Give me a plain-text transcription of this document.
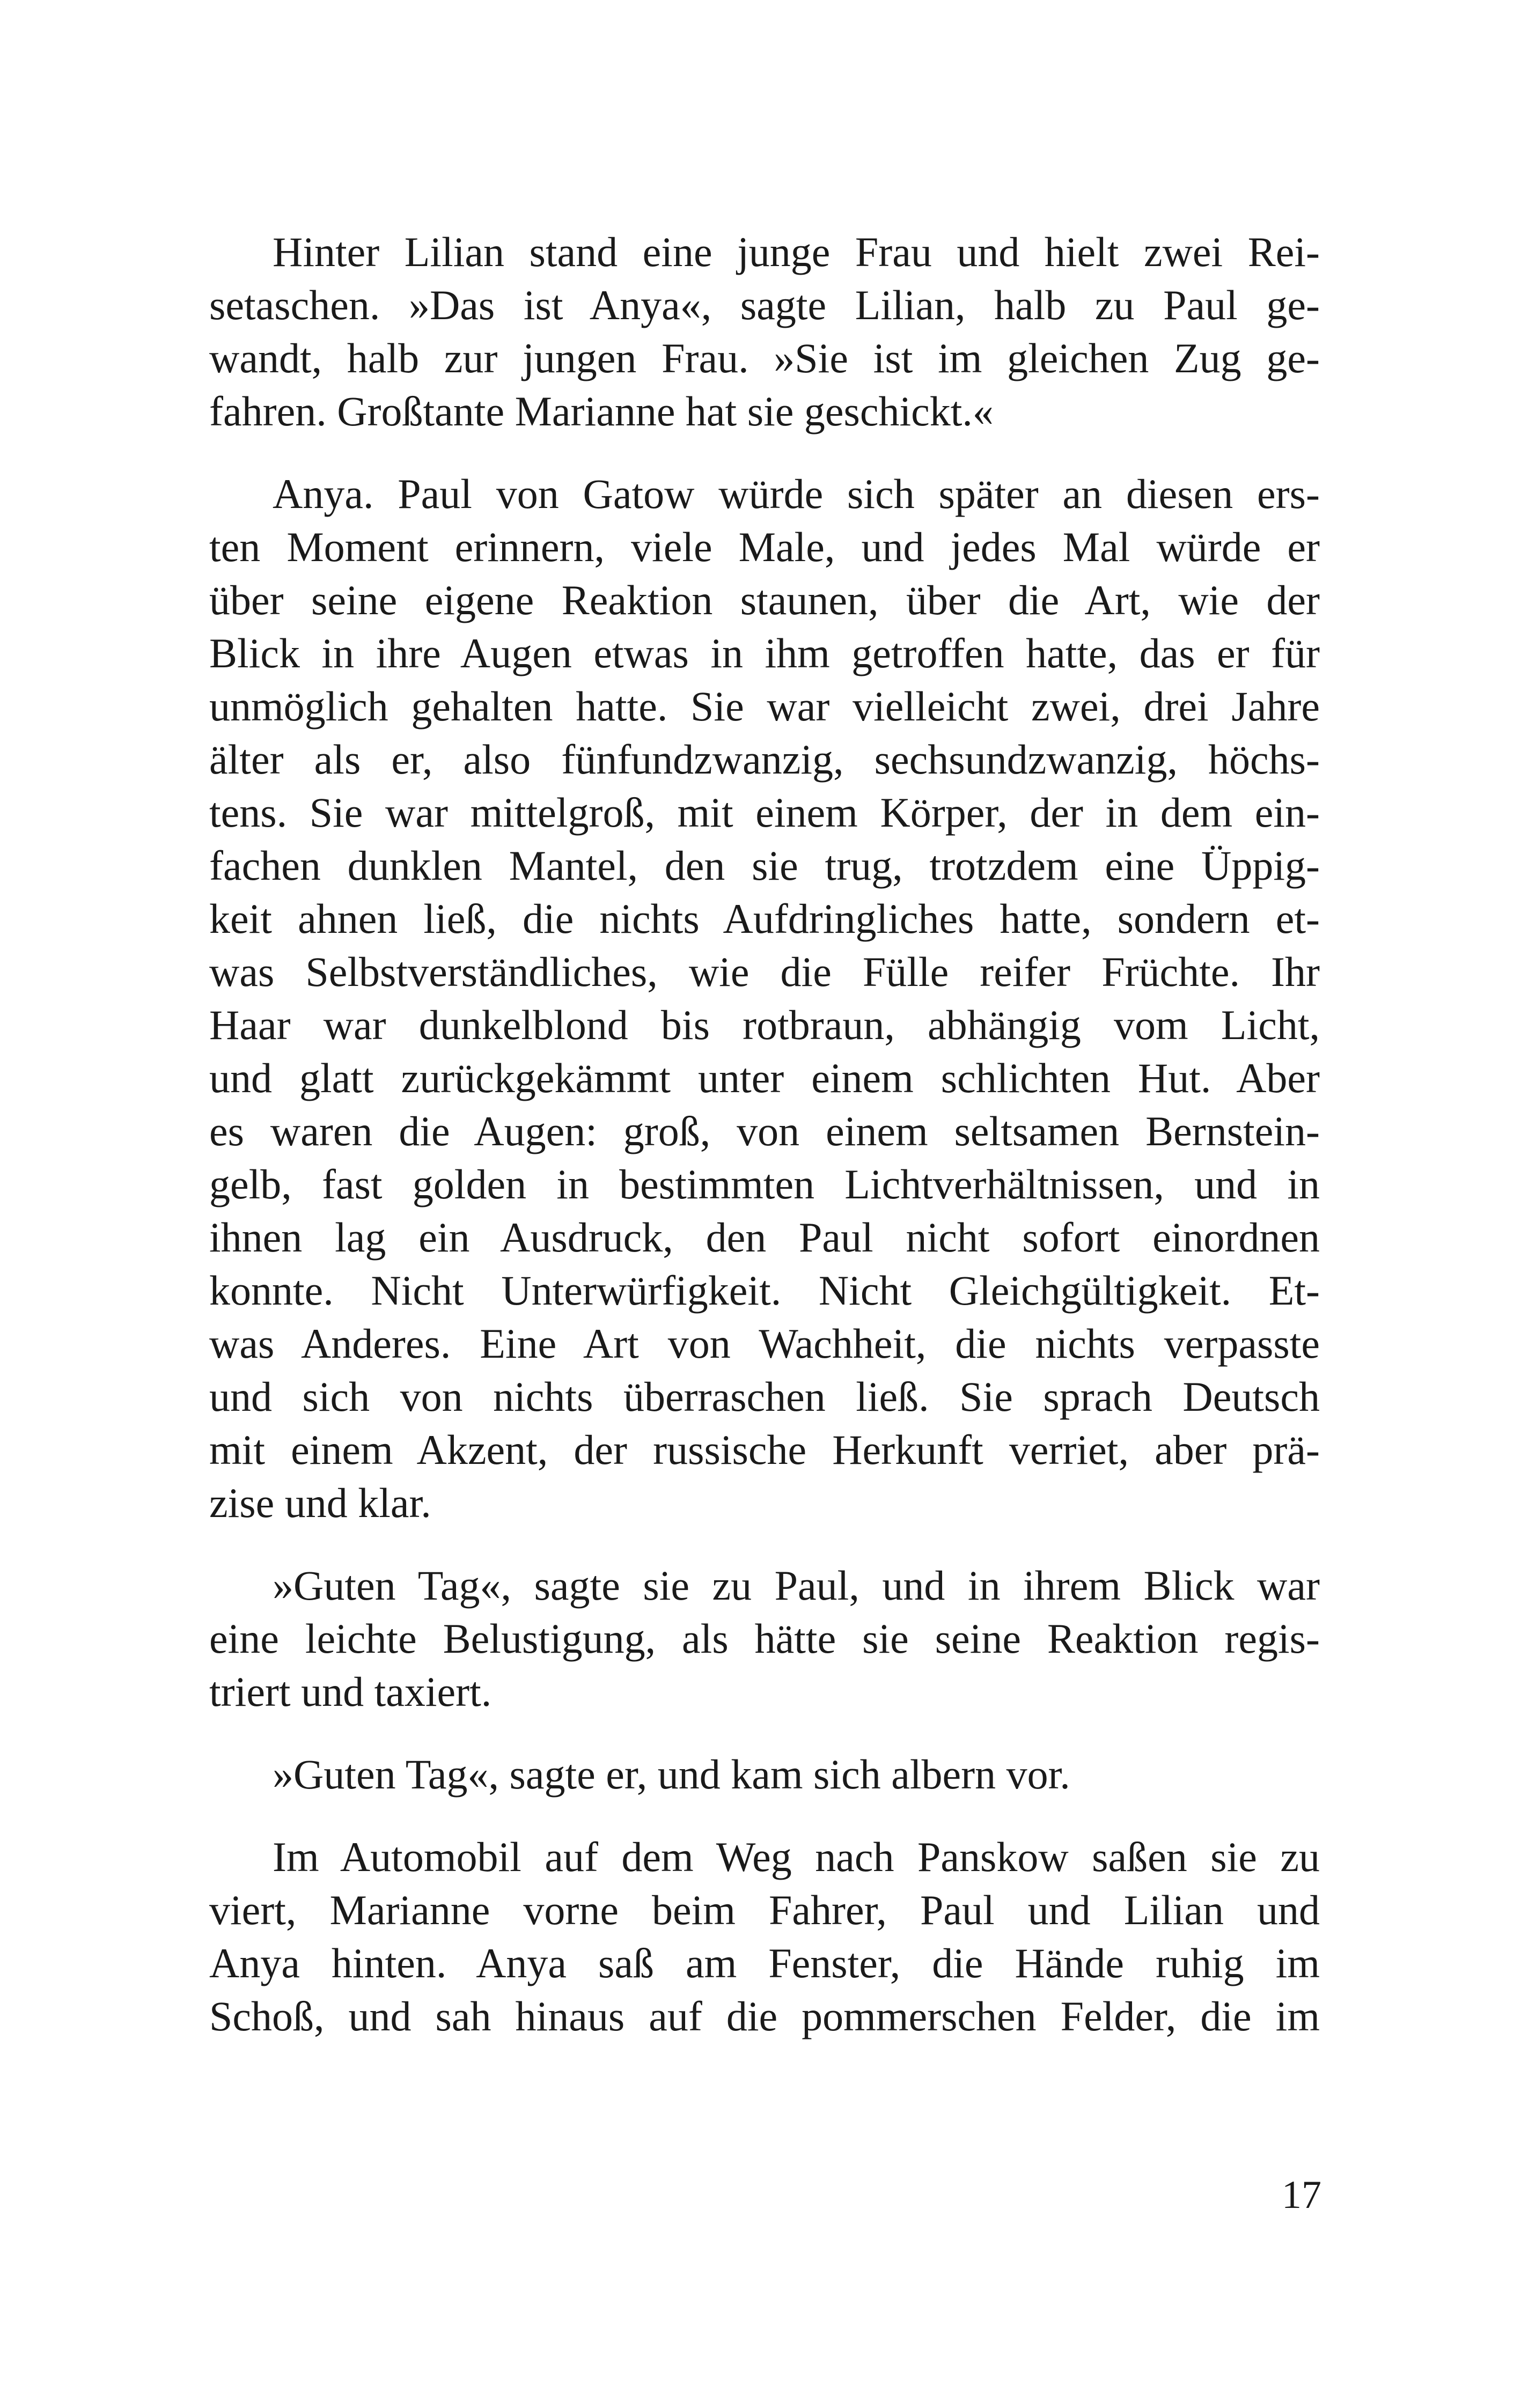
Hinter Lilian stand eine junge Frau und hielt zwei Rei-
setaschen. »Das ist Anya«, sagte Lilian, halb zu Paul ge-
wandt, halb zur jungen Frau. »Sie ist im gleichen Zug ge-
fahren. Großtante Marianne hat sie geschickt.«
Anya. Paul von Gatow würde sich später an diesen ers-
ten Moment erinnern, viele Male, und jedes Mal würde er
über seine eigene Reaktion staunen, über die Art, wie der
Blick in ihre Augen etwas in ihm getroffen hatte, das er für
unmöglich gehalten hatte. Sie war vielleicht zwei, drei Jahre
älter als er, also fünfundzwanzig, sechsundzwanzig, höchs-
tens. Sie war mittelgroß, mit einem Körper, der in dem ein-
fachen dunklen Mantel, den sie trug, trotzdem eine Üppig-
keit ahnen ließ, die nichts Aufdringliches hatte, sondern et-
was Selbstverständliches, wie die Fülle reifer Früchte. Ihr
Haar war dunkelblond bis rotbraun, abhängig vom Licht,
und glatt zurückgekämmt unter einem schlichten Hut. Aber
es waren die Augen: groß, von einem seltsamen Bernstein-
gelb, fast golden in bestimmten Lichtverhältnissen, und in
ihnen lag ein Ausdruck, den Paul nicht sofort einordnen
konnte. Nicht Unterwürfigkeit. Nicht Gleichgültigkeit. Et-
was Anderes. Eine Art von Wachheit, die nichts verpasste
und sich von nichts überraschen ließ. Sie sprach Deutsch
mit einem Akzent, der russische Herkunft verriet, aber prä-
zise und klar.
»Guten Tag«, sagte sie zu Paul, und in ihrem Blick war
eine leichte Belustigung, als hätte sie seine Reaktion regis-
triert und taxiert.
»Guten Tag«, sagte er, und kam sich albern vor.
Im Automobil auf dem Weg nach Panskow saßen sie zu
viert, Marianne vorne beim Fahrer, Paul und Lilian und
Anya hinten. Anya saß am Fenster, die Hände ruhig im
Schoß, und sah hinaus auf die pommerschen Felder, die im
17
